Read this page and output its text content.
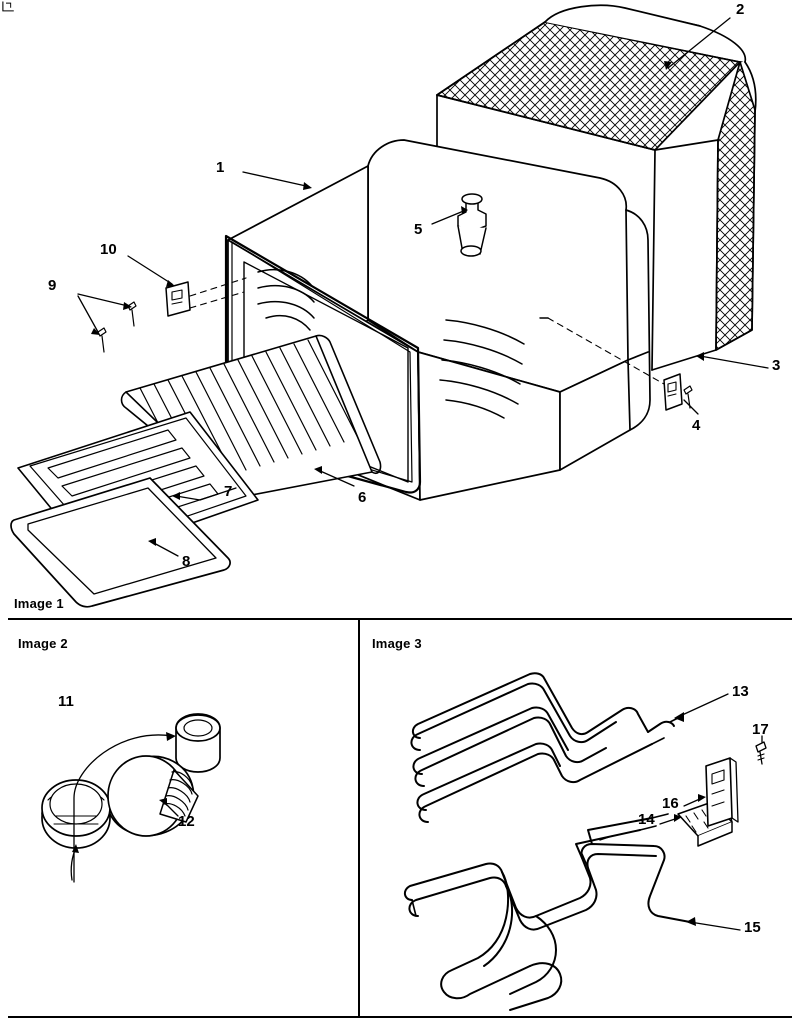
1
2
3
4
5
6
7
8
9
10
11
12
13
14
15
16
17
Image 1
Image 2	Image 3
